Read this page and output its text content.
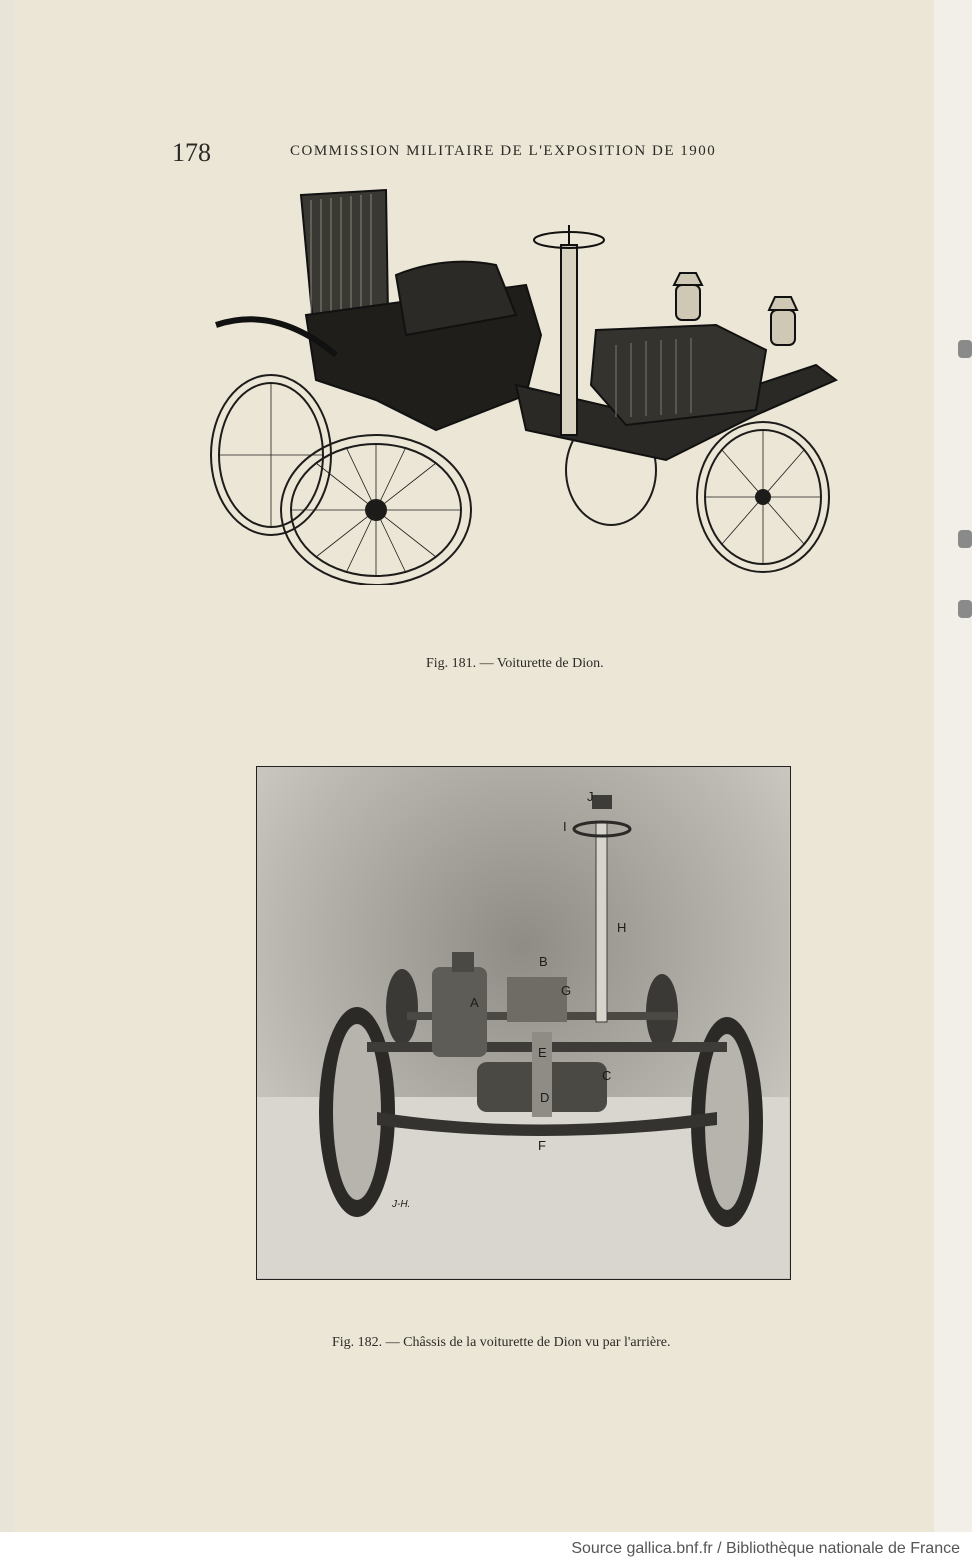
178	COMMISSION MILITAIRE DE L'EXPOSITION DE 1900
Fig. 181. — Voiturette de Dion.
J
I
H
B
G
A
E
C
D
F
J-H.
Fig. 182. — Châssis de la voiturette de Dion vu par l'arrière.
Source gallica.bnf.fr / Bibliothèque nationale de France
